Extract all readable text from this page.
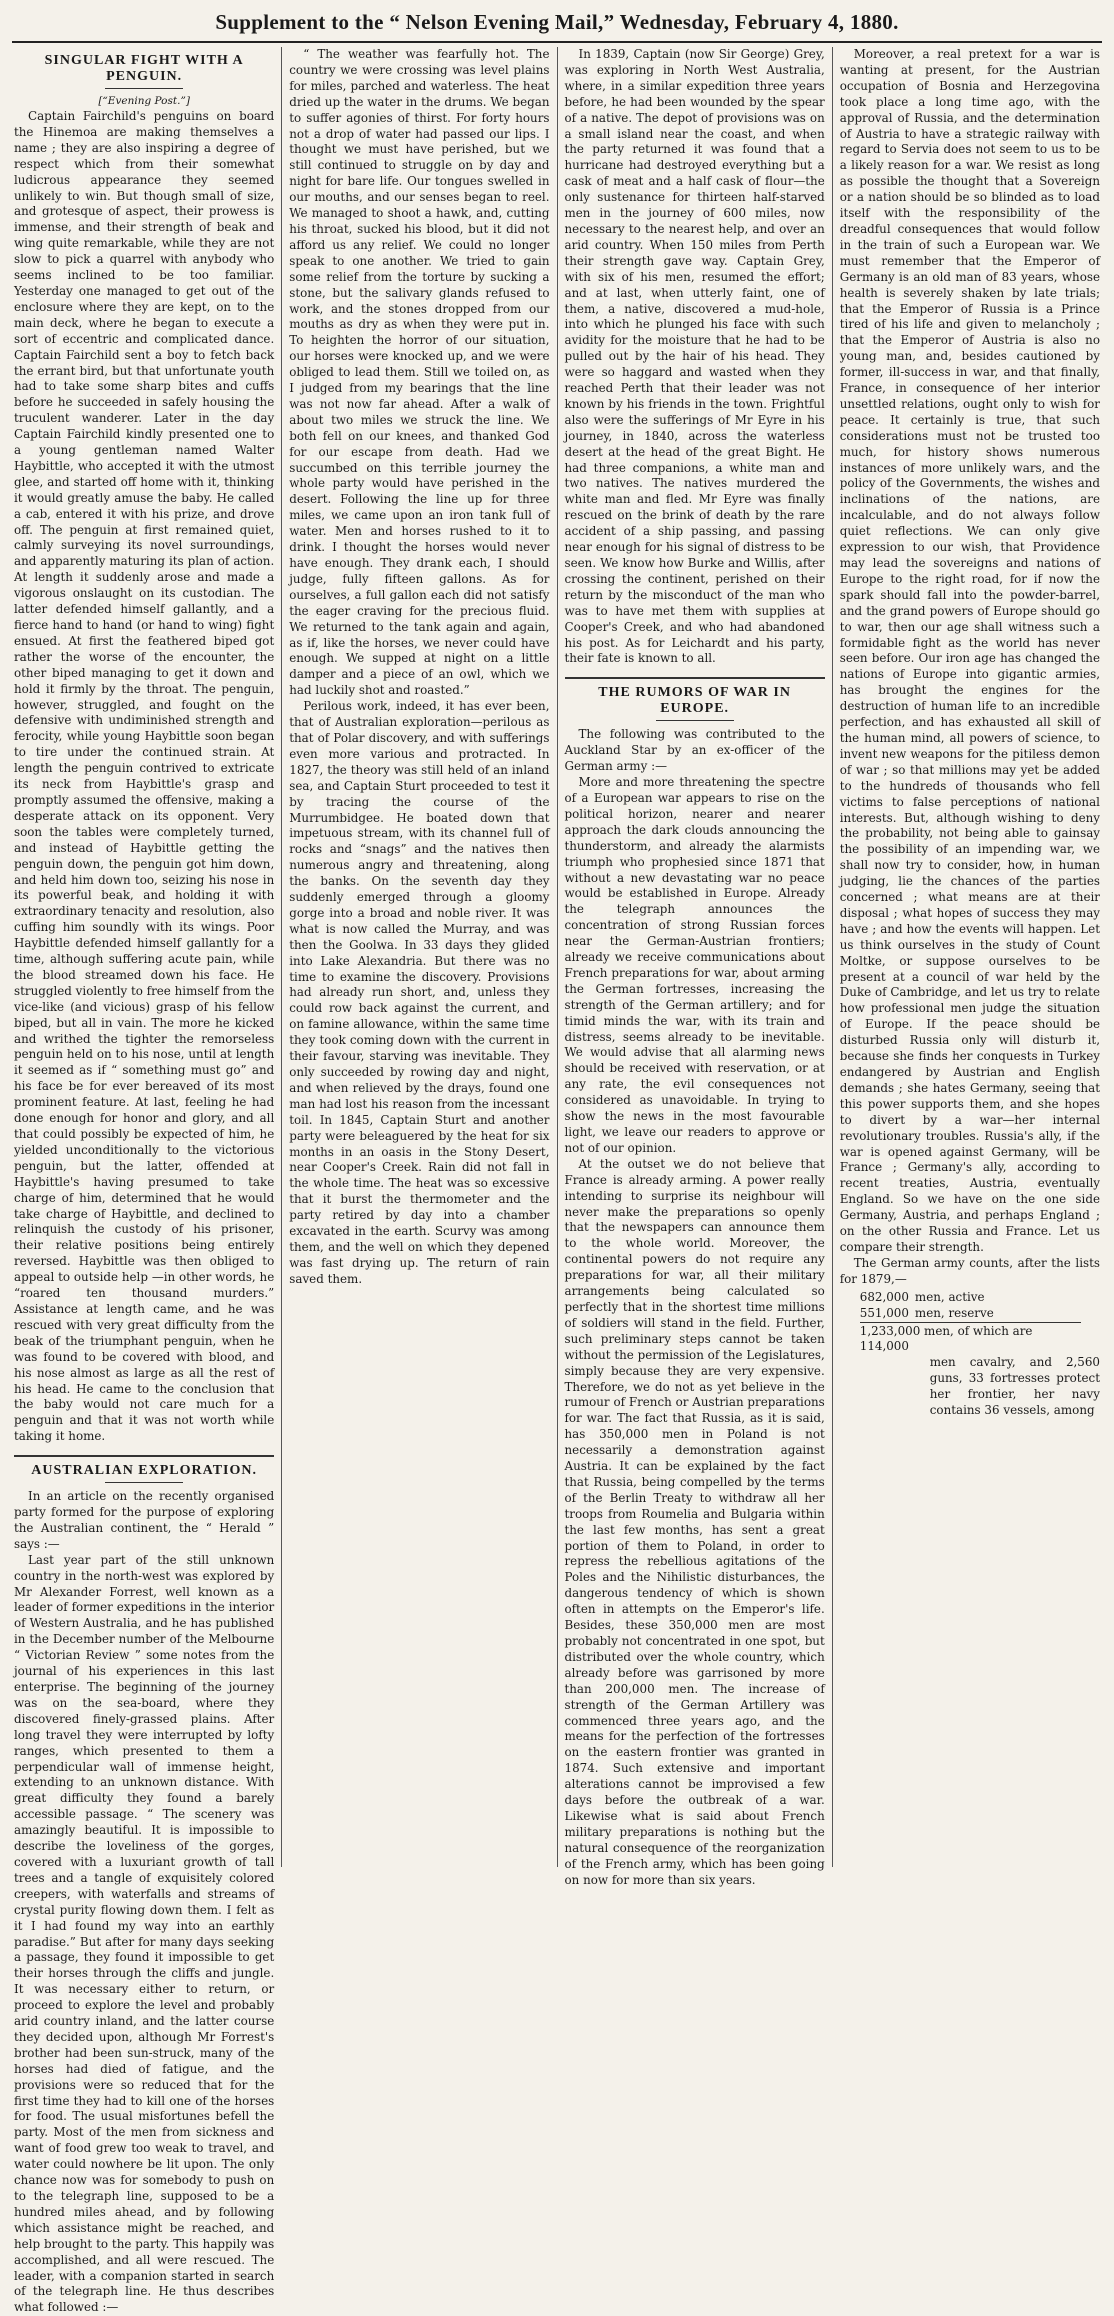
Supplement to the “ Nelson Evening Mail,” Wednesday, February 4, 1880.
SINGULAR FIGHT WITH A PENGUIN.
[“Evening Post.”]

Captain Fairchild's penguins on board the Hinemoa are making themselves a name ; they are also inspiring a degree of respect which from their somewhat ludicrous appearance they seemed unlikely to win. But though small of size, and grotesque of aspect, their prowess is immense, and their strength of beak and wing quite remarkable, while they are not slow to pick a quarrel with anybody who seems inclined to be too familiar. Yesterday one managed to get out of the enclosure where they are kept, on to the main deck, where he began to execute a sort of eccentric and complicated dance. Captain Fairchild sent a boy to fetch back the errant bird, but that unfortunate youth had to take some sharp bites and cuffs before he succeeded in safely housing the truculent wanderer. Later in the day Captain Fairchild kindly presented one to a young gentleman named Walter Haybittle, who accepted it with the utmost glee, and started off home with it, thinking it would greatly amuse the baby. He called a cab, entered it with his prize, and drove off. The penguin at first remained quiet, calmly surveying its novel surroundings, and apparently maturing its plan of action. At length it suddenly arose and made a vigorous onslaught on its custodian. The latter defended himself gallantly, and a fierce hand to hand (or hand to wing) fight ensued. At first the feathered biped got rather the worse of the encounter, the other biped managing to get it down and hold it firmly by the throat. The penguin, however, struggled, and fought on the defensive with undiminished strength and ferocity, while young Haybittle soon began to tire under the continued strain. At length the penguin contrived to extricate its neck from Haybittle's grasp and promptly assumed the offensive, making a desperate attack on its opponent. Very soon the tables were completely turned, and instead of Haybittle getting the penguin down, the penguin got him down, and held him down too, seizing his nose in its powerful beak, and holding it with extraordinary tenacity and resolution, also cuffing him soundly with its wings. Poor Haybittle defended himself gallantly for a time, although suffering acute pain, while the blood streamed down his face. He struggled violently to free himself from the vice-like (and vicious) grasp of his fellow biped, but all in vain. The more he kicked and writhed the tighter the remorseless penguin held on to his nose, until at length it seemed as if “ something must go” and his face be for ever bereaved of its most prominent feature. At last, feeling he had done enough for honor and glory, and all that could possibly be expected of him, he yielded unconditionally to the victorious penguin, but the latter, offended at Haybittle's having presumed to take charge of him, determined that he would take charge of Haybittle, and declined to relinquish the custody of his prisoner, their relative positions being entirely reversed. Haybittle was then obliged to appeal to outside help —in other words, he “roared ten thousand murders.” Assistance at length came, and he was rescued with very great difficulty from the beak of the triumphant penguin, when he was found to be covered with blood, and his nose almost as large as all the rest of his head. He came to the conclusion that the baby would not care much for a penguin and that it was not worth while taking it home.

AUSTRALIAN EXPLORATION.

In an article on the recently organised party formed for the purpose of exploring the Australian continent, the “ Herald ” says :—

Last year part of the still unknown country in the north-west was explored by Mr Alexander Forrest, well known as a leader of former expeditions in the interior of Western Australia, and he has published in the December number of the Melbourne “ Victorian Review ” some notes from the journal of his experiences in this last enterprise. The beginning of the journey was on the sea-board, where they discovered finely-grassed plains. After long travel they were interrupted by lofty ranges, which presented to them a perpendicular wall of immense height, extending to an unknown distance. With great difficulty they found a barely accessible passage. “ The scenery was amazingly beautiful. It is impossible to describe the loveliness of the gorges, covered with a luxuriant growth of tall trees and a tangle of exquisitely colored creepers, with waterfalls and streams of crystal purity flowing down them. I felt as it I had found my way into an earthly paradise.” But after for many days seeking a passage, they found it impossible to get their horses through the cliffs and jungle. It was necessary either to return, or proceed to explore the level and probably arid country inland, and the latter course they decided upon, although Mr Forrest's brother had been sun-struck, many of the horses had died of fatigue, and the provisions were so reduced that for the first time they had to kill one of the horses for food. The usual misfortunes befell the party. Most of the men from sickness and want of food grew too weak to travel, and water could nowhere be lit upon. The only chance now was for somebody to push on to the telegraph line, supposed to be a hundred miles ahead, and by following which assistance might be reached, and help brought to the party. This happily was accomplished, and all were rescued. The leader, with a companion started in search of the telegraph line. He thus describes what followed :—

“ The weather was fearfully hot. The country we were crossing was level plains for miles, parched and waterless. The heat dried up the water in the drums. We began to suffer agonies of thirst. For forty hours not a drop of water had passed our lips. I thought we must have perished, but we still continued to struggle on by day and night for bare life. Our tongues swelled in our mouths, and our senses began to reel. We managed to shoot a hawk, and, cutting his throat, sucked his blood, but it did not afford us any relief. We could no longer speak to one another. We tried to gain some relief from the torture by sucking a stone, but the salivary glands refused to work, and the stones dropped from our mouths as dry as when they were put in. To heighten the horror of our situation, our horses were knocked up, and we were obliged to lead them. Still we toiled on, as I judged from my bearings that the line was not now far ahead. After a walk of about two miles we struck the line. We both fell on our knees, and thanked God for our escape from death. Had we succumbed on this terrible journey the whole party would have perished in the desert. Following the line up for three miles, we came upon an iron tank full of water. Men and horses rushed to it to drink. I thought the horses would never have enough. They drank each, I should judge, fully fifteen gallons. As for ourselves, a full gallon each did not satisfy the eager craving for the precious fluid. We returned to the tank again and again, as if, like the horses, we never could have enough. We supped at night on a little damper and a piece of an owl, which we had luckily shot and roasted.”

Perilous work, indeed, it has ever been, that of Australian exploration—perilous as that of Polar discovery, and with sufferings even more various and protracted. In 1827, the theory was still held of an inland sea, and Captain Sturt proceeded to test it by tracing the course of the Murrumbidgee. He boated down that impetuous stream, with its channel full of rocks and “snags” and the natives then numerous angry and threatening, along the banks. On the seventh day they suddenly emerged through a gloomy gorge into a broad and noble river. It was what is now called the Murray, and was then the Goolwa. In 33 days they glided into Lake Alexandria. But there was no time to examine the discovery. Provisions had already run short, and, unless they could row back against the current, and on famine allowance, within the same time they took coming down with the current in their favour, starving was inevitable. They only succeeded by rowing day and night, and when relieved by the drays, found one man had lost his reason from the incessant toil. In 1845, Captain Sturt and another party were beleaguered by the heat for six months in an oasis in the Stony Desert, near Cooper's Creek. Rain did not fall in the whole time. The heat was so excessive that it burst the thermometer and the party retired by day into a chamber excavated in the earth. Scurvy was among them, and the well on which they depened was fast drying up. The return of rain saved them.

In 1839, Captain (now Sir George) Grey, was exploring in North West Australia, where, in a similar expedition three years before, he had been wounded by the spear of a native. The depot of provisions was on a small island near the coast, and when the party returned it was found that a hurricane had destroyed everything but a cask of meat and a half cask of flour—the only sustenance for thirteen half-starved men in the journey of 600 miles, now necessary to the nearest help, and over an arid country. When 150 miles from Perth their strength gave way. Captain Grey, with six of his men, resumed the effort; and at last, when utterly faint, one of them, a native, discovered a mud-hole, into which he plunged his face with such avidity for the moisture that he had to be pulled out by the hair of his head. They were so haggard and wasted when they reached Perth that their leader was not known by his friends in the town. Frightful also were the sufferings of Mr Eyre in his journey, in 1840, across the waterless desert at the head of the great Bight. He had three companions, a white man and two natives. The natives murdered the white man and fled. Mr Eyre was finally rescued on the brink of death by the rare accident of a ship passing, and passing near enough for his signal of distress to be seen. We know how Burke and Willis, after crossing the continent, perished on their return by the misconduct of the man who was to have met them with supplies at Cooper's Creek, and who had abandoned his post. As for Leichardt and his party, their fate is known to all.

THE RUMORS OF WAR IN EUROPE.

The following was contributed to the Auckland Star by an ex-officer of the German army :—

More and more threatening the spectre of a European war appears to rise on the political horizon, nearer and nearer approach the dark clouds announcing the thunderstorm, and already the alarmists triumph who prophesied since 1871 that without a new devastating war no peace would be established in Europe. Already the telegraph announces the concentration of strong Russian forces near the German-Austrian frontiers; already we receive communications about French preparations for war, about arming the German fortresses, increasing the strength of the German artillery; and for timid minds the war, with its train and distress, seems already to be inevitable. We would advise that all alarming news should be received with reservation, or at any rate, the evil consequences not considered as unavoidable. In trying to show the news in the most favourable light, we leave our readers to approve or not of our opinion.

At the outset we do not believe that France is already arming. A power really intending to surprise its neighbour will never make the preparations so openly that the newspapers can announce them to the whole world. Moreover, the continental powers do not require any preparations for war, all their military arrangements being calculated so perfectly that in the shortest time millions of soldiers will stand in the field. Further, such preliminary steps cannot be taken without the permission of the Legislatures, simply because they are very expensive. Therefore, we do not as yet believe in the rumour of French or Austrian preparations for war. The fact that Russia, as it is said, has 350,000 men in Poland is not necessarily a demonstration against Austria. It can be explained by the fact that Russia, being compelled by the terms of the Berlin Treaty to withdraw all her troops from Roumelia and Bulgaria within the last few months, has sent a great portion of them to Poland, in order to repress the rebellious agitations of the Poles and the Nihilistic disturbances, the dangerous tendency of which is shown often in attempts on the Emperor's life. Besides, these 350,000 men are most probably not concentrated in one spot, but distributed over the whole country, which already before was garrisoned by more than 200,000 men. The increase of strength of the German Artillery was commenced three years ago, and the means for the perfection of the fortresses on the eastern frontier was granted in 1874. Such extensive and important alterations cannot be improvised a few days before the outbreak of a war. Likewise what is said about French military preparations is nothing but the natural consequence of the reorganization of the French army, which has been going on now for more than six years.

Moreover, a real pretext for a war is wanting at present, for the Austrian occupation of Bosnia and Herzegovina took place a long time ago, with the approval of Russia, and the determination of Austria to have a strategic railway with regard to Servia does not seem to us to be a likely reason for a war. We resist as long as possible the thought that a Sovereign or a nation should be so blinded as to load itself with the responsibility of the dreadful consequences that would follow in the train of such a European war. We must remember that the Emperor of Germany is an old man of 83 years, whose health is severely shaken by late trials; that the Emperor of Russia is a Prince tired of his life and given to melancholy ; that the Emperor of Austria is also no young man, and, besides cautioned by former, ill-success in war, and that finally, France, in consequence of her interior unsettled relations, ought only to wish for peace. It certainly is true, that such considerations must not be trusted too much, for history shows numerous instances of more unlikely wars, and the policy of the Governments, the wishes and inclinations of the nations, are incalculable, and do not always follow quiet reflections. We can only give expression to our wish, that Providence may lead the sovereigns and nations of Europe to the right road, for if now the spark should fall into the powder-barrel, and the grand powers of Europe should go to war, then our age shall witness such a formidable fight as the world has never seen before. Our iron age has changed the nations of Europe into gigantic armies, has brought the engines for the destruction of human life to an incredible perfection, and has exhausted all skill of the human mind, all powers of science, to invent new weapons for the pitiless demon of war ; so that millions may yet be added to the hundreds of thousands who fell victims to false perceptions of national interests. But, although wishing to deny the probability, not being able to gainsay the possibility of an impending war, we shall now try to consider, how, in human judging, lie the chances of the parties concerned ; what means are at their disposal ; what hopes of success they may have ; and how the events will happen. Let us think ourselves in the study of Count Moltke, or suppose ourselves to be present at a council of war held by the Duke of Cambridge, and let us try to relate how professional men judge the situation of Europe. If the peace should be disturbed Russia only will disturb it, because she finds her conquests in Turkey endangered by Austrian and English demands ; she hates Germany, seeing that this power supports them, and she hopes to divert by a war—her internal revolutionary troubles. Russia's ally, if the war is opened against Germany, will be France ; Germany's ally, according to recent treaties, Austria, eventually England. So we have on the one side Germany, Austria, and perhaps England ; on the other Russia and France. Let us compare their strength.

The German army counts, after the lists for 1879,—

682,000 men, active
551,000 men, reserve
1,233,000 men, of which are 114,000

men cavalry, and 2,560 guns, 33 fortresses protect her frontier, her navy contains 36 vessels, among
